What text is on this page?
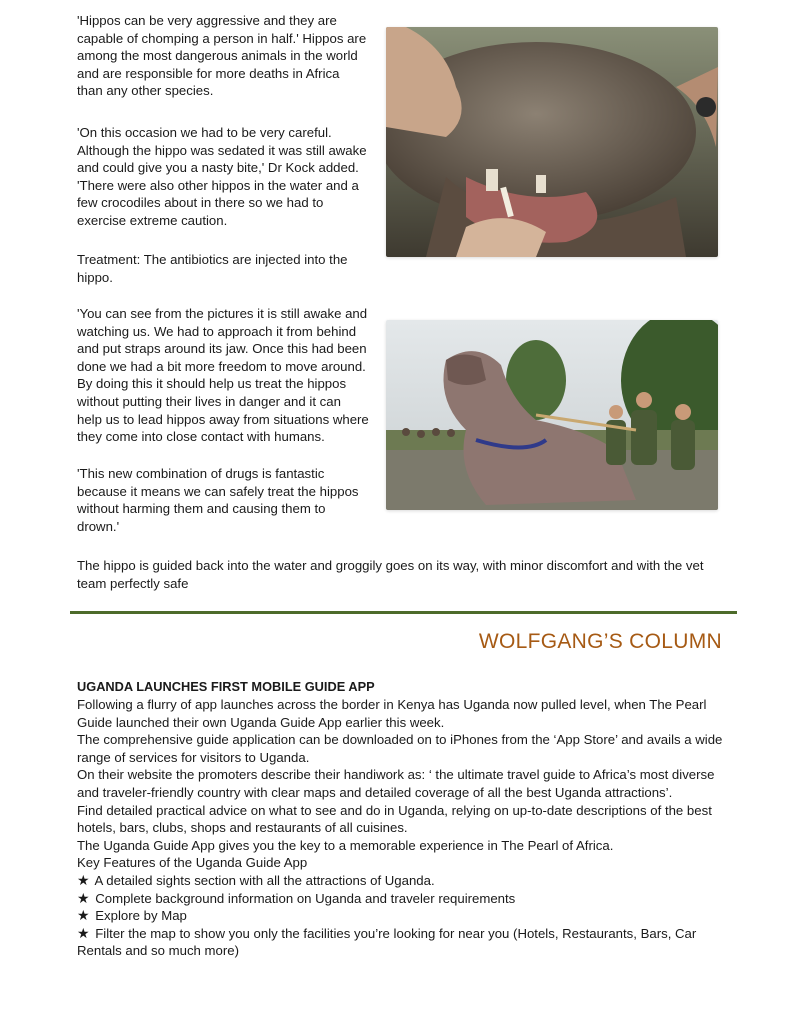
'Hippos can be very aggressive and they are capable of chomping a person in half.' Hippos are among the most dangerous animals in the world and are responsible for more deaths in Africa than any other species.

'On this occasion we had to be very careful. Although the hippo was sedated it was still awake and could give you a nasty bite,' Dr Kock added. 'There were also other hippos in the water and a few crocodiles about in there so we had to exercise extreme caution.

Treatment: The antibiotics are injected into the hippo.

'You can see from the pictures it is still awake and watching us. We had to approach it from behind and put straps around its jaw. Once this had been done we had a bit more freedom to move around. By doing this it should help us treat the hippos without putting their lives in danger and it can help us to lead hippos away from situations where they come into close contact with humans.

'This new combination of drugs is fantastic because it means we can safely treat the hippos without harming them and causing them to drown.'

The hippo is guided back into the water and groggily goes on its way, with minor discomfort and with the vet team perfectly safe

WOLFGANG’S COLUMN
UGANDA LAUNCHES FIRST MOBILE GUIDE APP

Following a flurry of app launches across the border in Kenya has Uganda now pulled level, when The Pearl Guide launched their own Uganda Guide App earlier this week.

The comprehensive guide application can be downloaded on to iPhones from the ‘App Store’ and avails a wide range of services for visitors to Uganda.

On their website the promoters describe their handiwork as: ‘ the ultimate travel guide to Africa’s most diverse and traveler-friendly country with clear maps and detailed coverage of all the best Uganda attractions’.

Find detailed practical advice on what to see and do in Uganda, relying on up-to-date descriptions of the best hotels, bars, clubs, shops and restaurants of all cuisines.

The Uganda Guide App gives you the key to a memorable experience in The Pearl of Africa.

Key Features of the Uganda Guide App

★ A detailed sights section with all the attractions of Uganda.

★ Complete background information on Uganda and traveler requirements

★ Explore by Map

★ Filter the map to show you only the facilities you’re looking for near you (Hotels, Restaurants, Bars, Car Rentals and so much more)
